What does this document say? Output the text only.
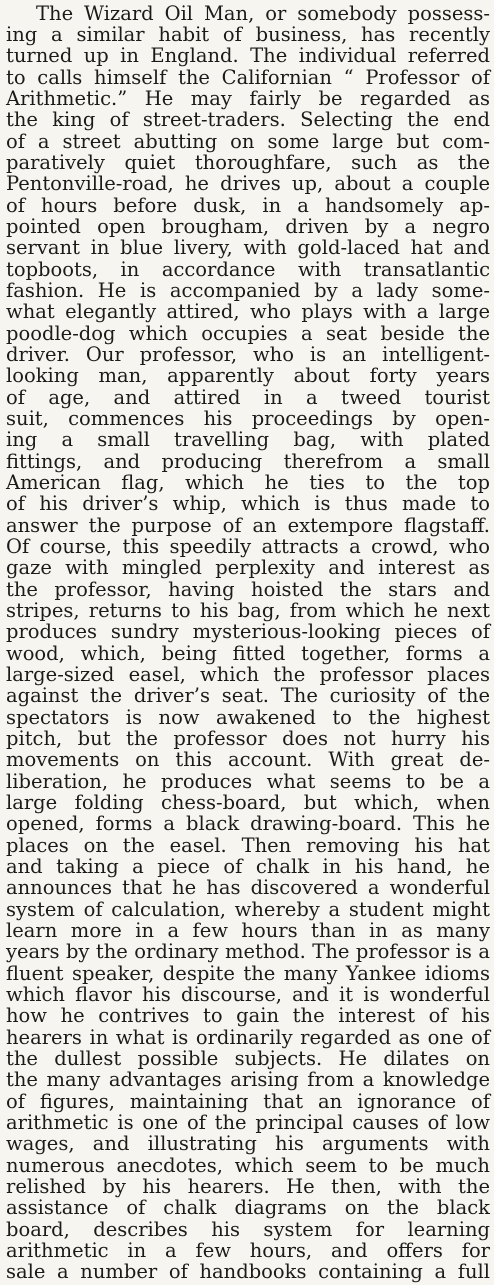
The Wizard Oil Man, or somebody possess-
ing a similar habit of business, has recently
turned up in England. The individual referred
to calls himself the Californian “ Professor of
Arithmetic.” He may fairly be regarded as
the king of street-traders. Selecting the end
of a street abutting on some large but com-
paratively quiet thoroughfare, such as the
Pentonville-road, he drives up, about a couple
of hours before dusk, in a handsomely ap-
pointed open brougham, driven by a negro
servant in blue livery, with gold-laced hat and
topboots, in accordance with transatlantic
fashion. He is accompanied by a lady some-
what elegantly attired, who plays with a large
poodle-dog which occupies a seat beside the
driver. Our professor, who is an intelligent-
looking man, apparently about forty years
of age, and attired in a tweed tourist
suit, commences his proceedings by open-
ing a small travelling bag, with plated
fittings, and producing therefrom a small
American flag, which he ties to the top
of his driver’s whip, which is thus made to
answer the purpose of an extempore flagstaff.
Of course, this speedily attracts a crowd, who
gaze with mingled perplexity and interest as
the professor, having hoisted the stars and
stripes, returns to his bag, from which he next
produces sundry mysterious-looking pieces of
wood, which, being fitted together, forms a
large-sized easel, which the professor places
against the driver’s seat. The curiosity of the
spectators is now awakened to the highest
pitch, but the professor does not hurry his
movements on this account. With great de-
liberation, he produces what seems to be a
large folding chess-board, but which, when
opened, forms a black drawing-board. This he
places on the easel. Then removing his hat
and taking a piece of chalk in his hand, he
announces that he has discovered a wonderful
system of calculation, whereby a student might
learn more in a few hours than in as many
years by the ordinary method. The professor is a
fluent speaker, despite the many Yankee idioms
which flavor his discourse, and it is wonderful
how he contrives to gain the interest of his
hearers in what is ordinarily regarded as one of
the dullest possible subjects. He dilates on
the many advantages arising from a knowledge
of figures, maintaining that an ignorance of
arithmetic is one of the principal causes of low
wages, and illustrating his arguments with
numerous anecdotes, which seem to be much
relished by his hearers. He then, with the
assistance of chalk diagrams on the black
board, describes his system for learning
arithmetic in a few hours, and offers for
sale a number of handbooks containing a full
